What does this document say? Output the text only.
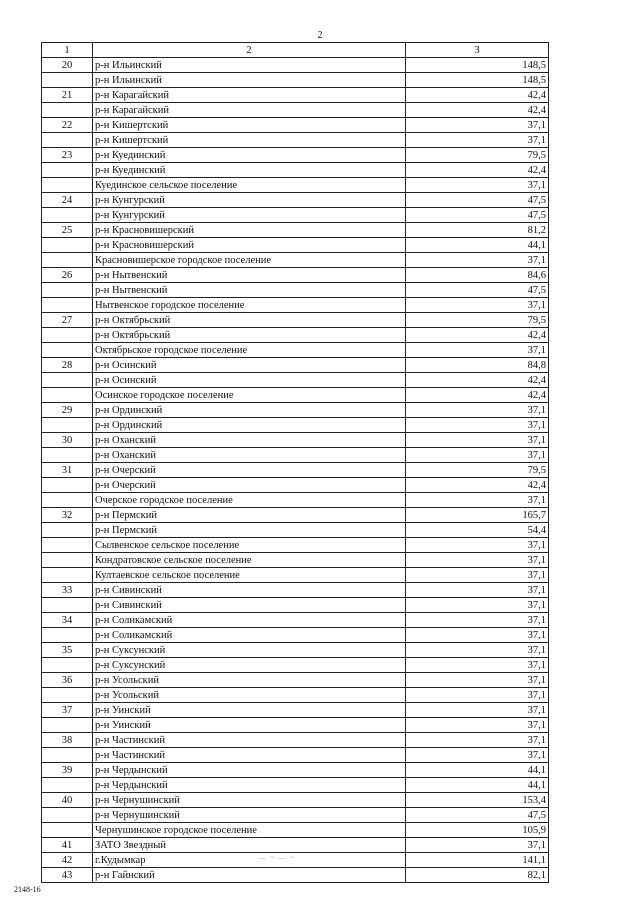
2
1	2	3
20	р-н Ильинский	148,5
	р-н Ильинский	148,5
21	р-н Карагайский	42,4
	р-н Карагайский	42,4
22	р-н Кишертский	37,1
	р-н Кишертский	37,1
23	р-н Куединский	79,5
	р-н Куединский	42,4
	Куединское сельское поселение	37,1
24	р-н Кунгурский	47,5
	р-н Кунгурский	47,5
25	р-н Красновишерский	81,2
	р-н Красновишерский	44,1
	Красновишерское городское поселение	37,1
26	р-н Нытвенский	84,6
	р-н Нытвенский	47,5
	Нытвенское городское поселение	37,1
27	р-н Октябрьский	79,5
	р-н Октябрьский	42,4
	Октябрьское городское поселение	37,1
28	р-н Осинский	84,8
	р-н Осинский	42,4
	Осинское городское поселение	42,4
29	р-н Ординский	37,1
	р-н Ординский	37,1
30	р-н Оханский	37,1
	р-н Оханский	37,1
31	р-н Очерский	79,5
	р-н Очерский	42,4
	Очерское городское поселение	37,1
32	р-н Пермский	165,7
	р-н Пермский	54,4
	Сылвенское сельское поселение	37,1
	Кондратовское сельское поселение	37,1
	Култаевское сельское поселение	37,1
33	р-н Сивинский	37,1
	р-н Сивинский	37,1
34	р-н Соликамский	37,1
	р-н Соликамский	37,1
35	р-н Суксунский	37,1
	р-н Суксунский	37,1
36	р-н Усольский	37,1
	р-н Усольский	37,1
37	р-н Уинский	37,1
	р-н Уинский	37,1
38	р-н Частинский	37,1
	р-н Частинский	37,1
39	р-н Чердынский	44,1
	р-н Чердынский	44,1
40	р-н Чернушинский	153,4
	р-н Чернушинский	47,5
	Чернушинское городское поселение	105,9
41	ЗАТО Звездный	37,1
42	г.Кудымкар	141,1
43	р-н Гайнский	82,1
— ~ — ~
2148-16
